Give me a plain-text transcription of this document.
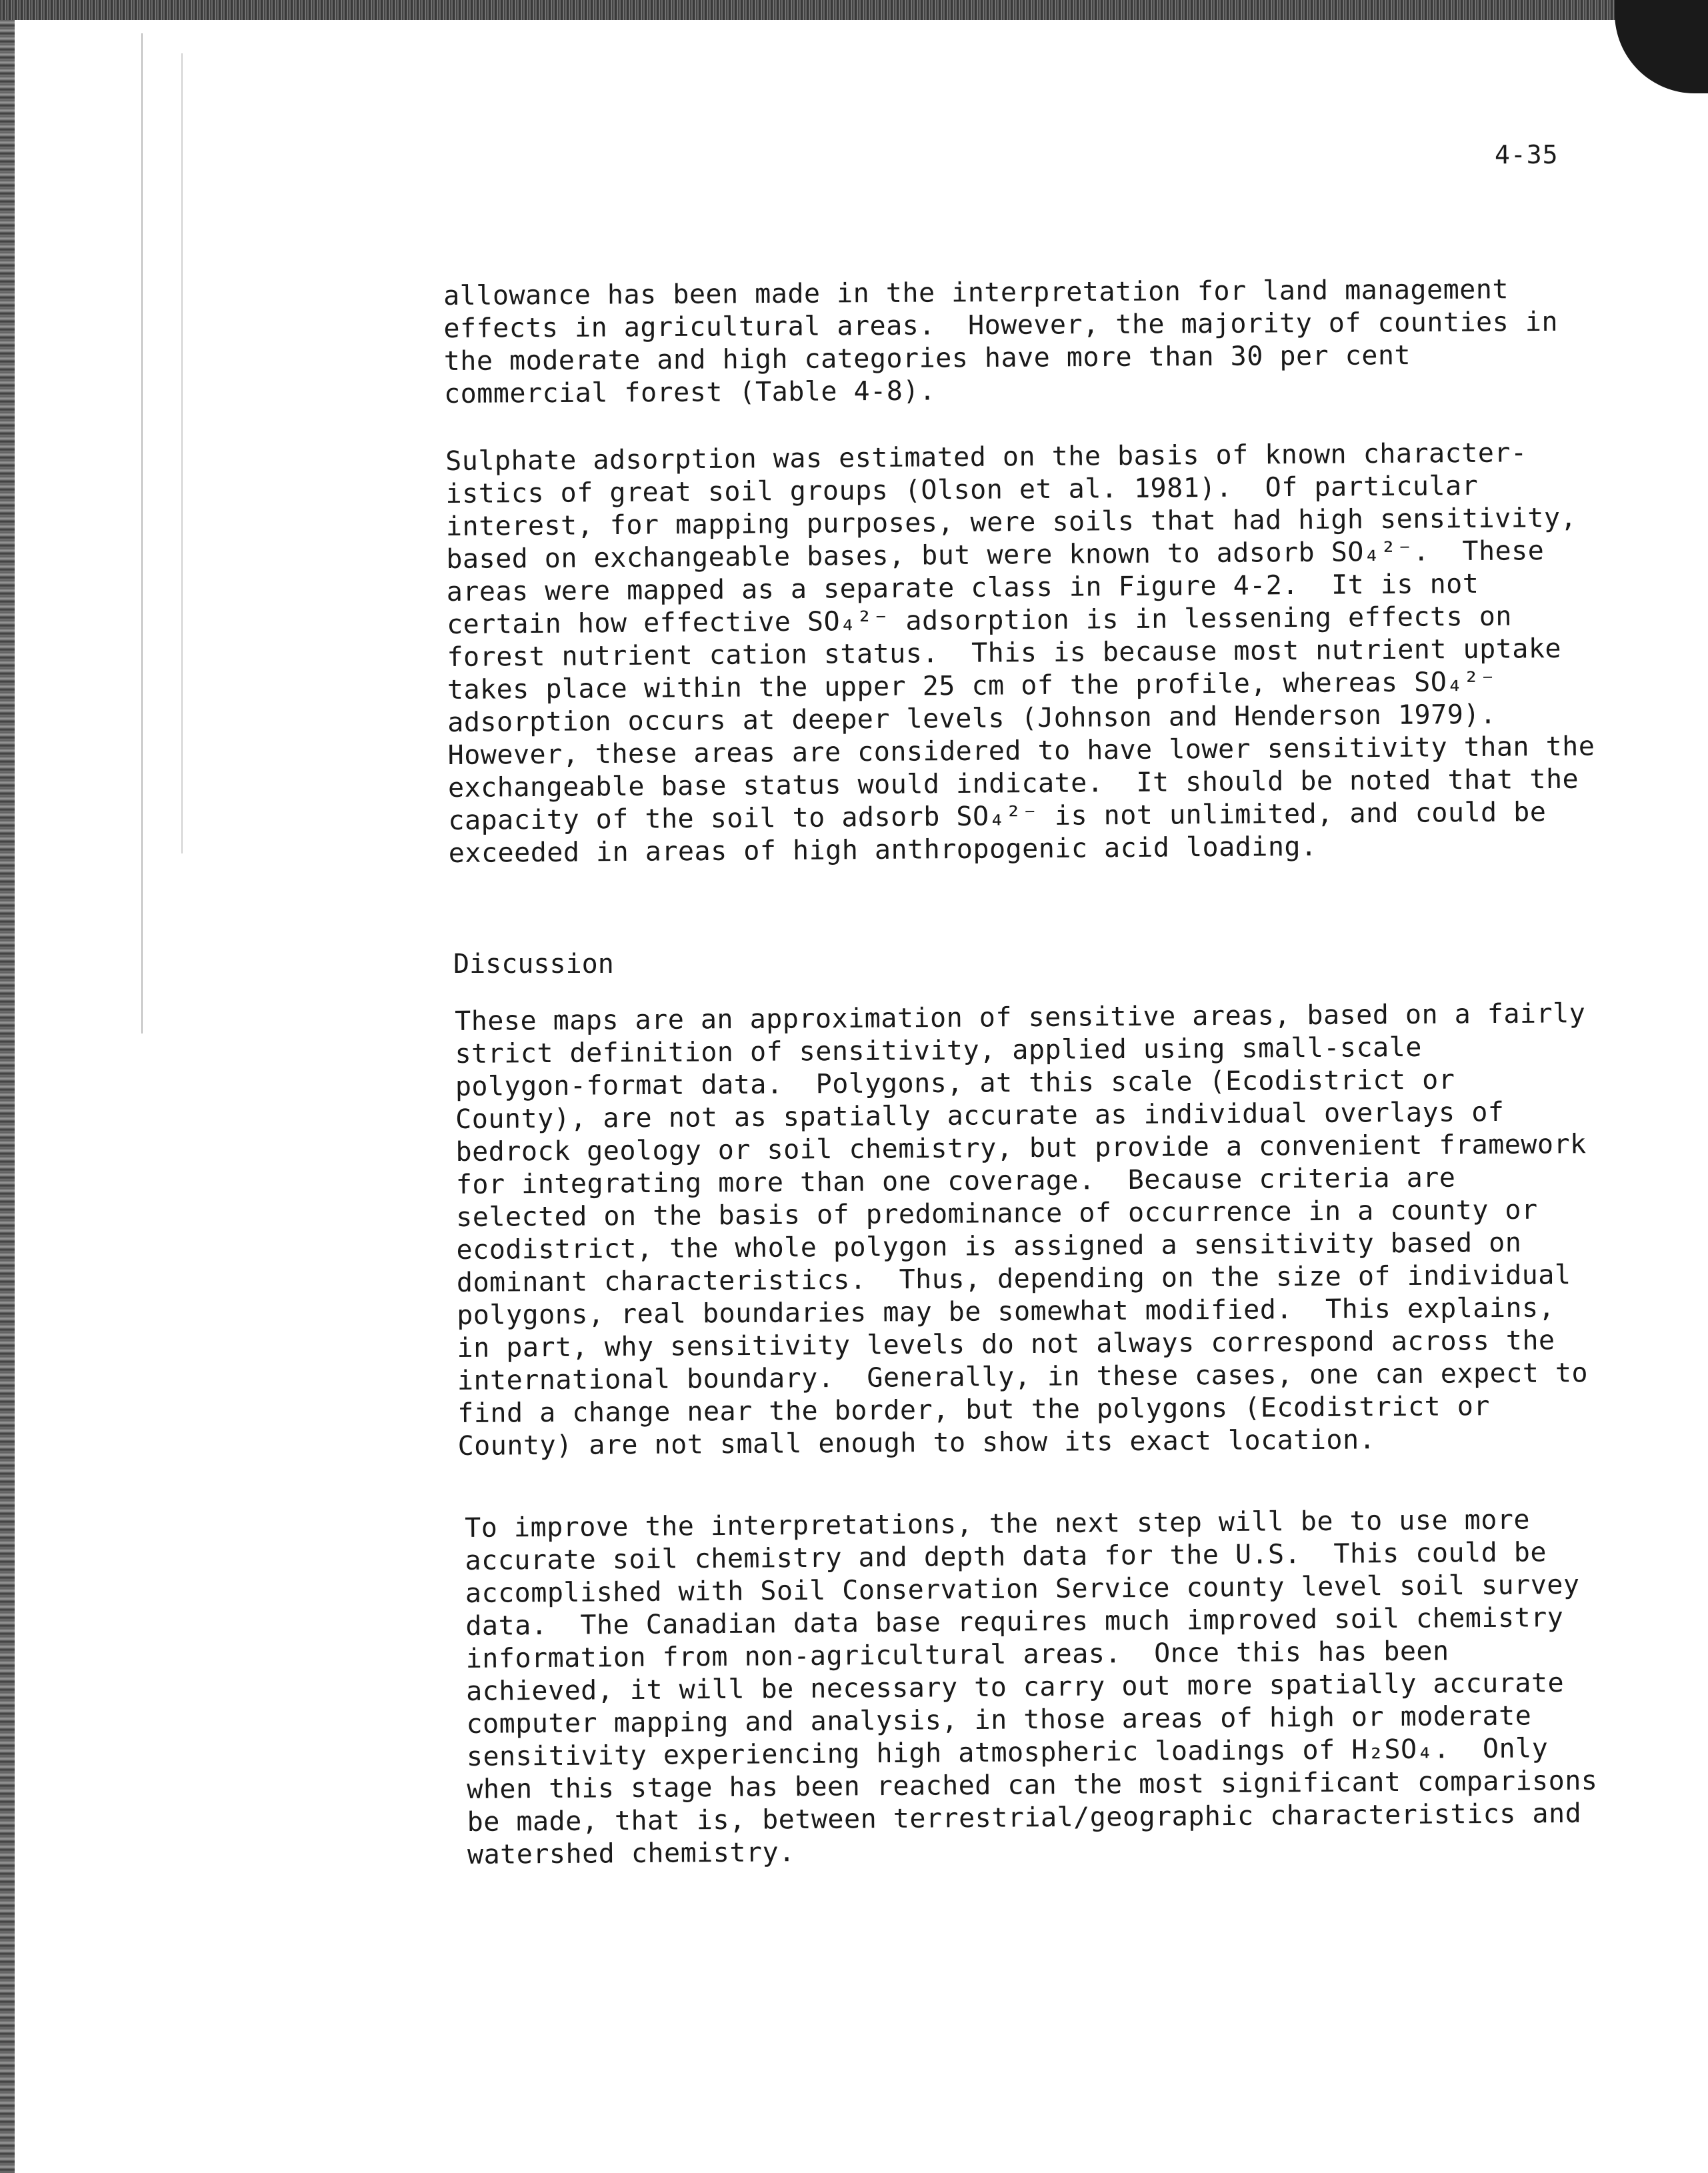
4-35
allowance has been made in the interpretation for land management
effects in agricultural areas.  However, the majority of counties in
the moderate and high categories have more than 30 per cent
commercial forest (Table 4-8).
Sulphate adsorption was estimated on the basis of known character-
istics of great soil groups (Olson et al. 1981).  Of particular
interest, for mapping purposes, were soils that had high sensitivity,
based on exchangeable bases, but were known to adsorb SO₄²⁻.  These
areas were mapped as a separate class in Figure 4-2.  It is not
certain how effective SO₄²⁻ adsorption is in lessening effects on
forest nutrient cation status.  This is because most nutrient uptake
takes place within the upper 25 cm of the profile, whereas SO₄²⁻
adsorption occurs at deeper levels (Johnson and Henderson 1979).
However, these areas are considered to have lower sensitivity than the
exchangeable base status would indicate.  It should be noted that the
capacity of the soil to adsorb SO₄²⁻ is not unlimited, and could be
exceeded in areas of high anthropogenic acid loading.
Discussion
These maps are an approximation of sensitive areas, based on a fairly
strict definition of sensitivity, applied using small-scale
polygon-format data.  Polygons, at this scale (Ecodistrict or
County), are not as spatially accurate as individual overlays of
bedrock geology or soil chemistry, but provide a convenient framework
for integrating more than one coverage.  Because criteria are
selected on the basis of predominance of occurrence in a county or
ecodistrict, the whole polygon is assigned a sensitivity based on
dominant characteristics.  Thus, depending on the size of individual
polygons, real boundaries may be somewhat modified.  This explains,
in part, why sensitivity levels do not always correspond across the
international boundary.  Generally, in these cases, one can expect to
find a change near the border, but the polygons (Ecodistrict or
County) are not small enough to show its exact location.
To improve the interpretations, the next step will be to use more
accurate soil chemistry and depth data for the U.S.  This could be
accomplished with Soil Conservation Service county level soil survey
data.  The Canadian data base requires much improved soil chemistry
information from non-agricultural areas.  Once this has been
achieved, it will be necessary to carry out more spatially accurate
computer mapping and analysis, in those areas of high or moderate
sensitivity experiencing high atmospheric loadings of H₂SO₄.  Only
when this stage has been reached can the most significant comparisons
be made, that is, between terrestrial/geographic characteristics and
watershed chemistry.
